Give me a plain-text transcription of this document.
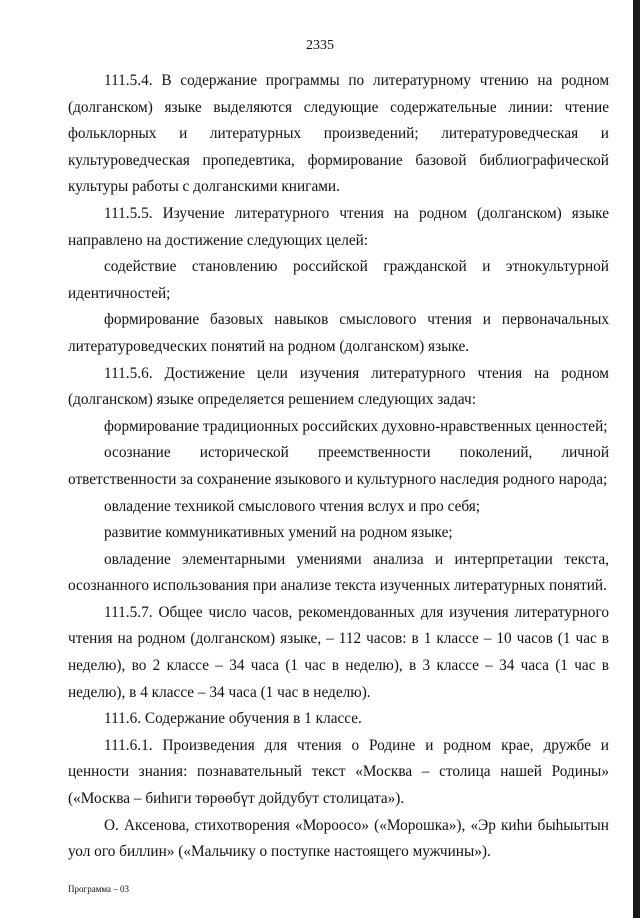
2335

111.5.4. В содержание программы по литературному чтению на родном (долганском) языке выделяются следующие содержательные линии: чтение фольклорных и литературных произведений; литературоведческая и культуроведческая пропедевтика, формирование базовой библиографической культуры работы с долганскими книгами.

111.5.5. Изучение литературного чтения на родном (долганском) языке направлено на достижение следующих целей:

содействие становлению российской гражданской и этнокультурной идентичностей;

формирование базовых навыков смыслового чтения и первоначальных литературоведческих понятий на родном (долганском) языке.

111.5.6. Достижение цели изучения литературного чтения на родном (долганском) языке определяется решением следующих задач:

формирование традиционных российских духовно-нравственных ценностей;

осознание исторической преемственности поколений, личной ответственности за сохранение языкового и культурного наследия родного народа;

овладение техникой смыслового чтения вслух и про себя;

развитие коммуникативных умений на родном языке;

овладение элементарными умениями анализа и интерпретации текста, осознанного использования при анализе текста изученных литературных понятий.

111.5.7. Общее число часов, рекомендованных для изучения литературного чтения на родном (долганском) языке, – 112 часов: в 1 классе – 10 часов (1 час в неделю), во 2 классе – 34 часа (1 час в неделю), в 3 классе – 34 часа (1 час в неделю), в 4 классе – 34 часа (1 час в неделю).

111.6. Содержание обучения в 1 классе.

111.6.1. Произведения для чтения о Родине и родном крае, дружбе и ценности знания: познавательный текст «Москва – столица нашей Родины» («Москва – биһиги төрөөбүт дойдубут столицата»).

О. Аксенова, стихотворения «Мороосо» («Морошка»), «Эр киһи быһыытын уол ого биллин» («Мальчику о поступке настоящего мужчины»).

Программа – 03
